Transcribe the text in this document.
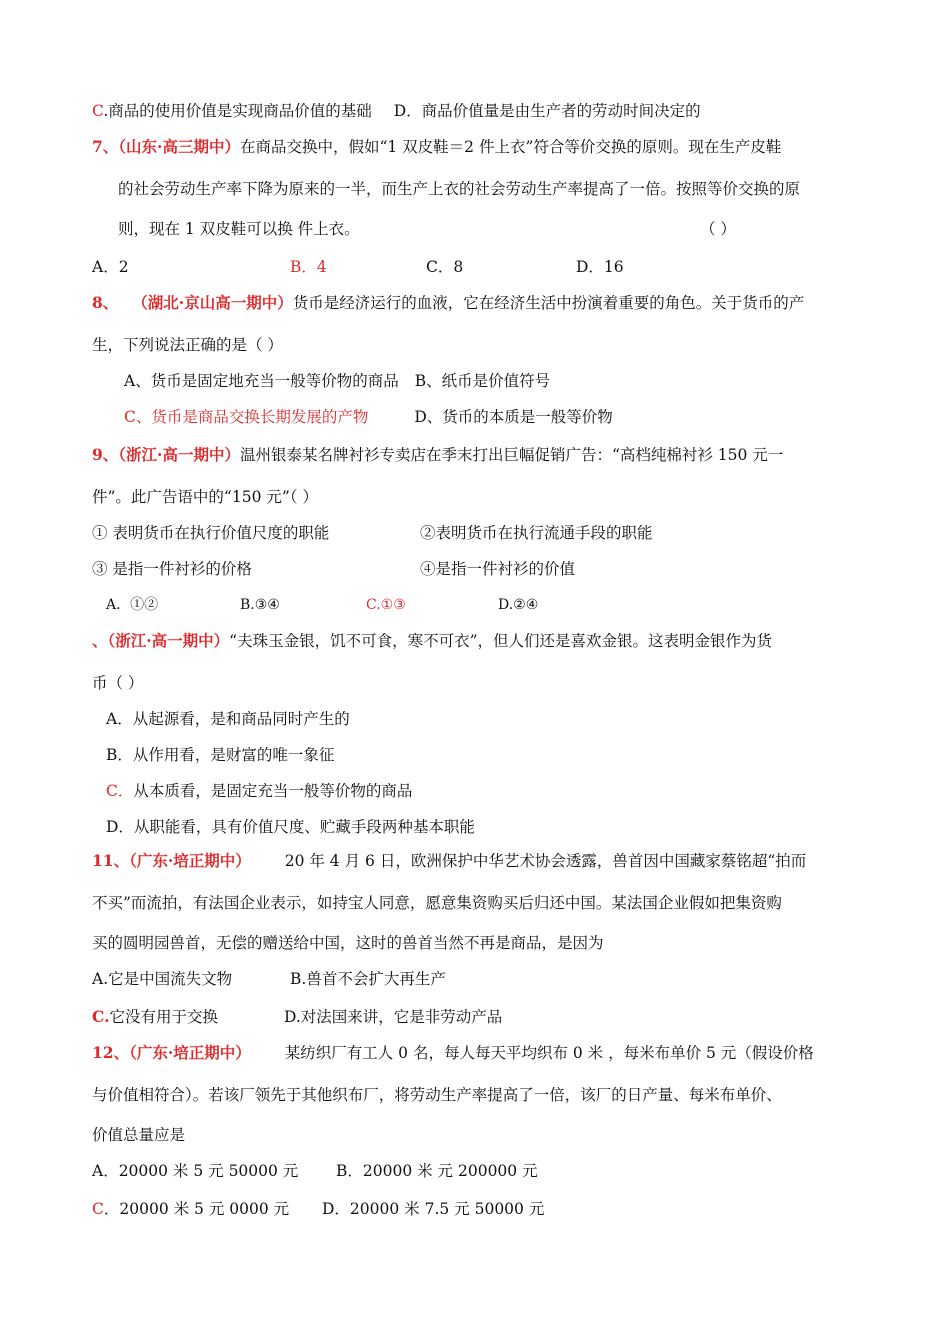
C.商品的使用价值是实现商品价值的基础 D．商品价值量是由生产者的劳动时间决定的
7、（山东·高三期中）在商品交换中，假如“1 双皮鞋＝2 件上衣”符合等价交换的原则。现在生产皮鞋
的社会劳动生产率下降为原来的一半，而生产上衣的社会劳动生产率提高了一倍。按照等价交换的原
则，现在 1 双皮鞋可以换 件上衣。	（ ）
A．2	B．4	C．8	D．16
8、 （湖北·京山高一期中）货币是经济运行的血液，它在经济生活中扮演着重要的角色。关于货币的产
生，下列说法正确的是（ ）
A、货币是固定地充当一般等价物的商品 B、纸币是价值符号
C、货币是商品交换长期发展的产物	D、货币的本质是一般等价物
9、（浙江·高一期中）温州银泰某名牌衬衫专卖店在季末打出巨幅促销广告：“高档纯棉衬衫 150 元一
件”。此广告语中的“150 元”（ ）
① 表明货币在执行价值尺度的职能	②表明货币在执行流通手段的职能
③ 是指一件衬衫的价格	④是指一件衬衫的价值
A．①②	B.③④	C.①③	D.②④
、（浙江·高一期中）“夫珠玉金银，饥不可食，寒不可衣”，但人们还是喜欢金银。这表明金银作为货
币（ ）
A．从起源看，是和商品同时产生的
B．从作用看，是财富的唯一象征
C．从本质看，是固定充当一般等价物的商品
D．从职能看，具有价值尺度、贮藏手段两种基本职能
11、（广东·培正期中） 20 年 4 月 6 日，欧洲保护中华艺术协会透露，兽首因中国藏家蔡铭超“拍而
不买”而流拍，有法国企业表示，如持宝人同意，愿意集资购买后归还中国。某法国企业假如把集资购
买的圆明园兽首，无偿的赠送给中国，这时的兽首当然不再是商品，是因为
A.它是中国流失文物	B.兽首不会扩大再生产
C.它没有用于交换	D.对法国来讲，它是非劳动产品
12、（广东·培正期中） 某纺织厂有工人 0 名，每人每天平均织布 0 米 ，每米布单价 5 元（假设价格
与价值相符合）。若该厂领先于其他织布厂，将劳动生产率提高了一倍，该厂的日产量、每米布单价、
价值总量应是
A．20000 米 5 元 50000 元 B．20000 米 元 200000 元
C．20000 米 5 元 0000 元 D．20000 米 7.5 元 50000 元
